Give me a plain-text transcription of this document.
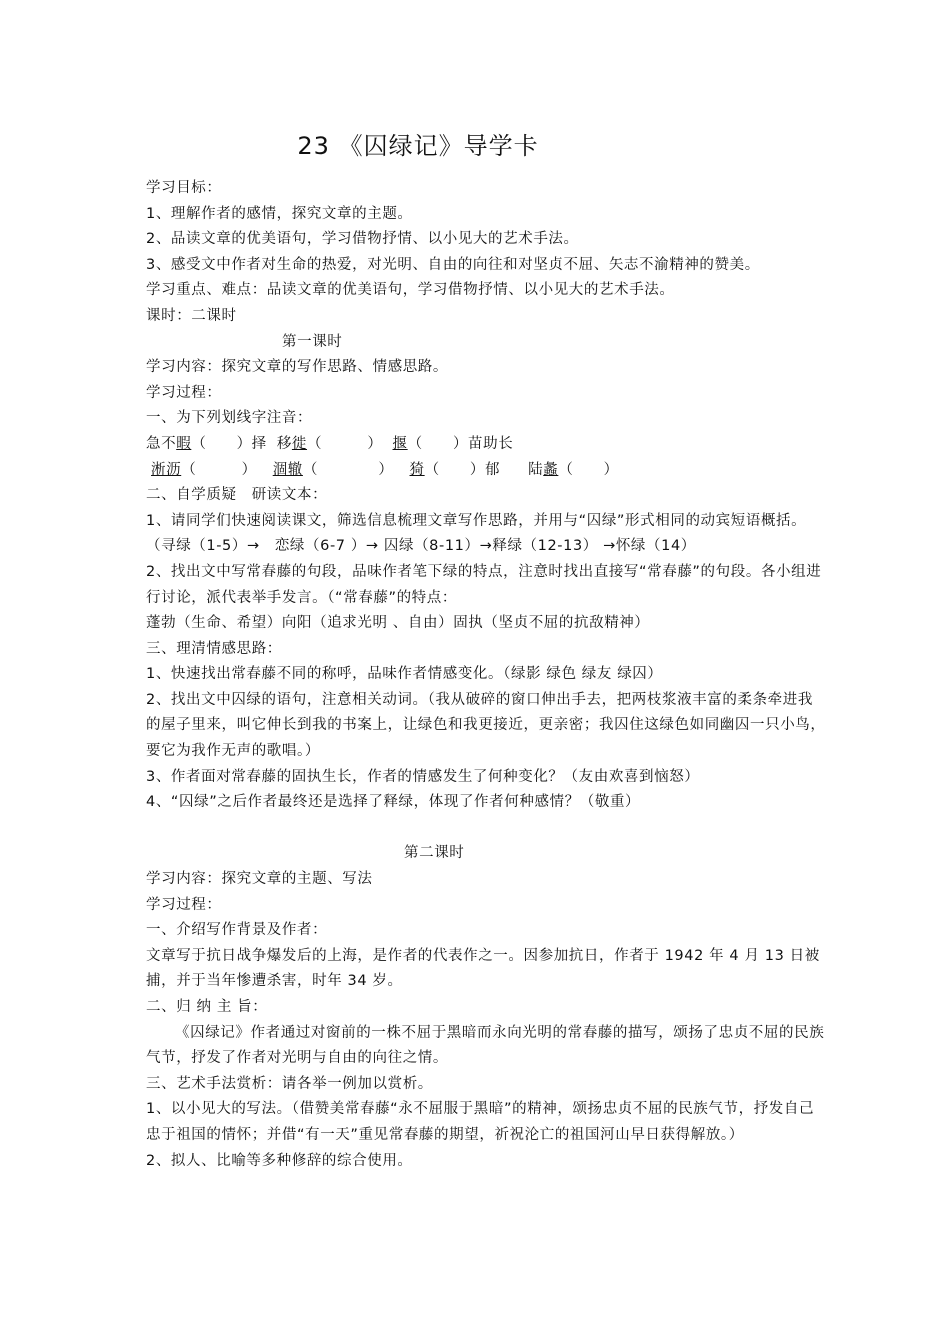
23 《囚绿记》导学卡
学习目标：
1、理解作者的感情，探究文章的主题。
2、品读文章的优美语句，学习借物抒情、以小见大的艺术手法。
3、感受文中作者对生命的热爱，对光明、自由的向往和对坚贞不屈、矢志不渝精神的赞美。
学习重点、难点：品读文章的优美语句，学习借物抒情、以小见大的艺术手法。
课时：二课时
第一课时
学习内容：探究文章的写作思路、情感思路。
学习过程：
一、为下列划线字注音：
急不暇（　　）择 移徙（　　　） 揠（　　）苗助长
淅沥（　　　） 涸辙（　　　　） 猗（　　）郁 陆蠡（　　）
二、自学质疑　研读文本：
1、请同学们快速阅读课文，筛选信息梳理文章写作思路，并用与“囚绿”形式相同的动宾短语概括。（寻绿（1-5）→　恋绿（6-7 ）→ 囚绿（8-11）→释绿（12-13） →怀绿（14）
2、找出文中写常春藤的句段，品味作者笔下绿的特点，注意时找出直接写“常春藤”的句段。各小组进行讨论，派代表举手发言。（“常春藤”的特点：
蓬勃（生命、希望）向阳（追求光明 、自由）固执（坚贞不屈的抗敌精神）
三、理清情感思路：
1、快速找出常春藤不同的称呼，品味作者情感变化。（绿影 绿色 绿友 绿囚）
2、找出文中囚绿的语句，注意相关动词。（我从破碎的窗口伸出手去，把两枝浆液丰富的柔条牵进我的屋子里来，叫它伸长到我的书案上，让绿色和我更接近，更亲密；我囚住这绿色如同幽囚一只小鸟，要它为我作无声的歌唱。）
3、作者面对常春藤的固执生长，作者的情感发生了何种变化？（友由欢喜到恼怒）
4、“囚绿”之后作者最终还是选择了释绿，体现了作者何种感情？（敬重）
第二课时
学习内容：探究文章的主题、写法
学习过程：
一、介绍写作背景及作者：
文章写于抗日战争爆发后的上海，是作者的代表作之一。因参加抗日，作者于 1942 年 4 月 13 日被捕，并于当年惨遭杀害，时年 34 岁。
二、归 纳 主 旨：
《囚绿记》作者通过对窗前的一株不屈于黑暗而永向光明的常春藤的描写，颂扬了忠贞不屈的民族气节，抒发了作者对光明与自由的向往之情。
三、艺术手法赏析：请各举一例加以赏析。
1、以小见大的写法。（借赞美常春藤“永不屈服于黑暗”的精神，颂扬忠贞不屈的民族气节，抒发自己忠于祖国的情怀；并借“有一天”重见常春藤的期望，祈祝沦亡的祖国河山早日获得解放。）
2、拟人、比喻等多种修辞的综合使用。
